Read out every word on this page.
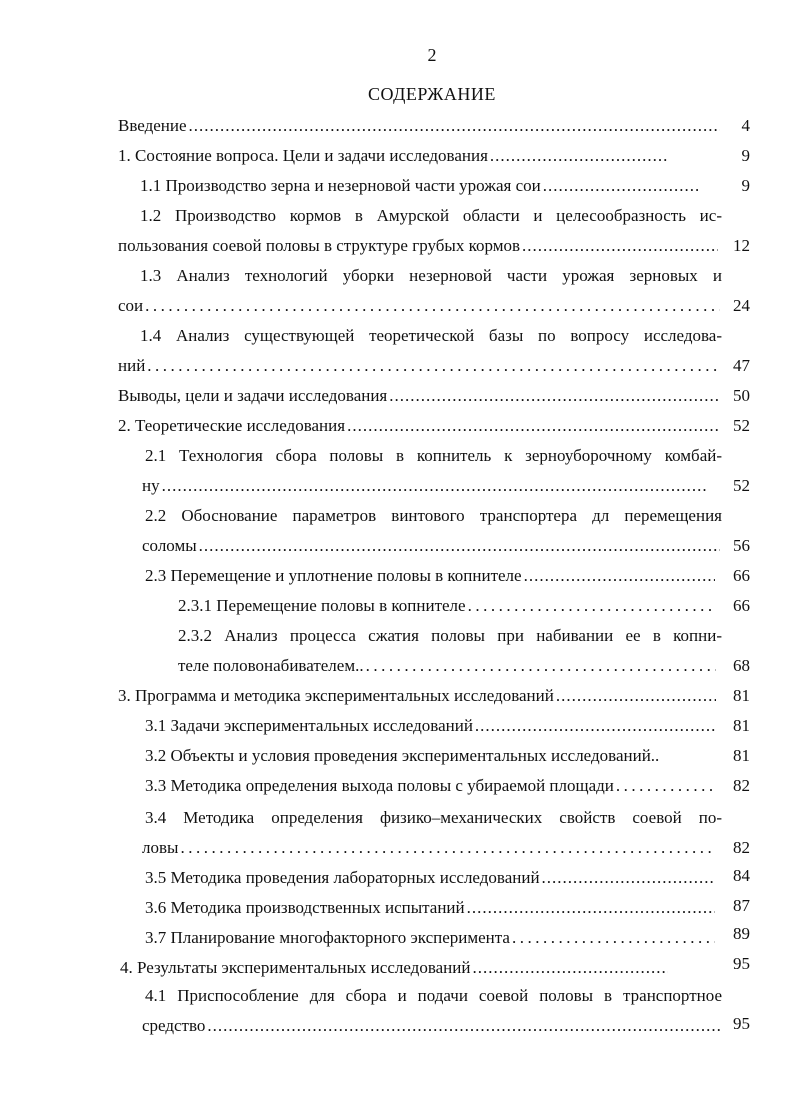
2
СОДЕРЖАНИЕ
Введение .....	4
1. Состояние вопроса. Цели и задачи исследования .....	9
1.1 Производство зерна и незерновой части урожая сои .....	9
1.2 Производство кормов в Амурской области и целесообразность ис-
пользования соевой половы в структуре грубых кормов .....	12
1.3 Анализ технологий уборки незерновой части урожая зерновых и
сои .....	24
1.4 Анализ существующей теоретической базы по вопросу исследова-
ний .....	47
Выводы, цели и задачи исследования .....	50
2. Теоретические исследования .....	52
2.1 Технология сбора половы в копнитель к зерноуборочному комбай-
ну .....	52
2.2 Обоснование параметров винтового транспортера дл перемещения
соломы .....	56
2.3 Перемещение и уплотнение половы в копнителе .....	66
2.3.1 Перемещение половы в копнителе .....	66
2.3.2 Анализ процесса сжатия половы при набивании ее в копни-
теле половонабивателем.. .....	68
3. Программа и методика экспериментальных исследований .....	81
3.1 Задачи экспериментальных исследований .....	81
3.2 Объекты и условия проведения экспериментальных исследований..	81
3.3 Методика определения выхода половы с убираемой площади .....	82
3.4 Методика определения физико–механических свойств соевой по-
ловы .....	82
3.5 Методика проведения лабораторных исследований .....	84
3.6 Методика производственных испытаний .....	87
3.7 Планирование многофакторного эксперимента .....	89
4. Результаты экспериментальных исследований .....	95
4.1 Приспособление для сбора и подачи соевой половы в транспортное
средство .....	95
